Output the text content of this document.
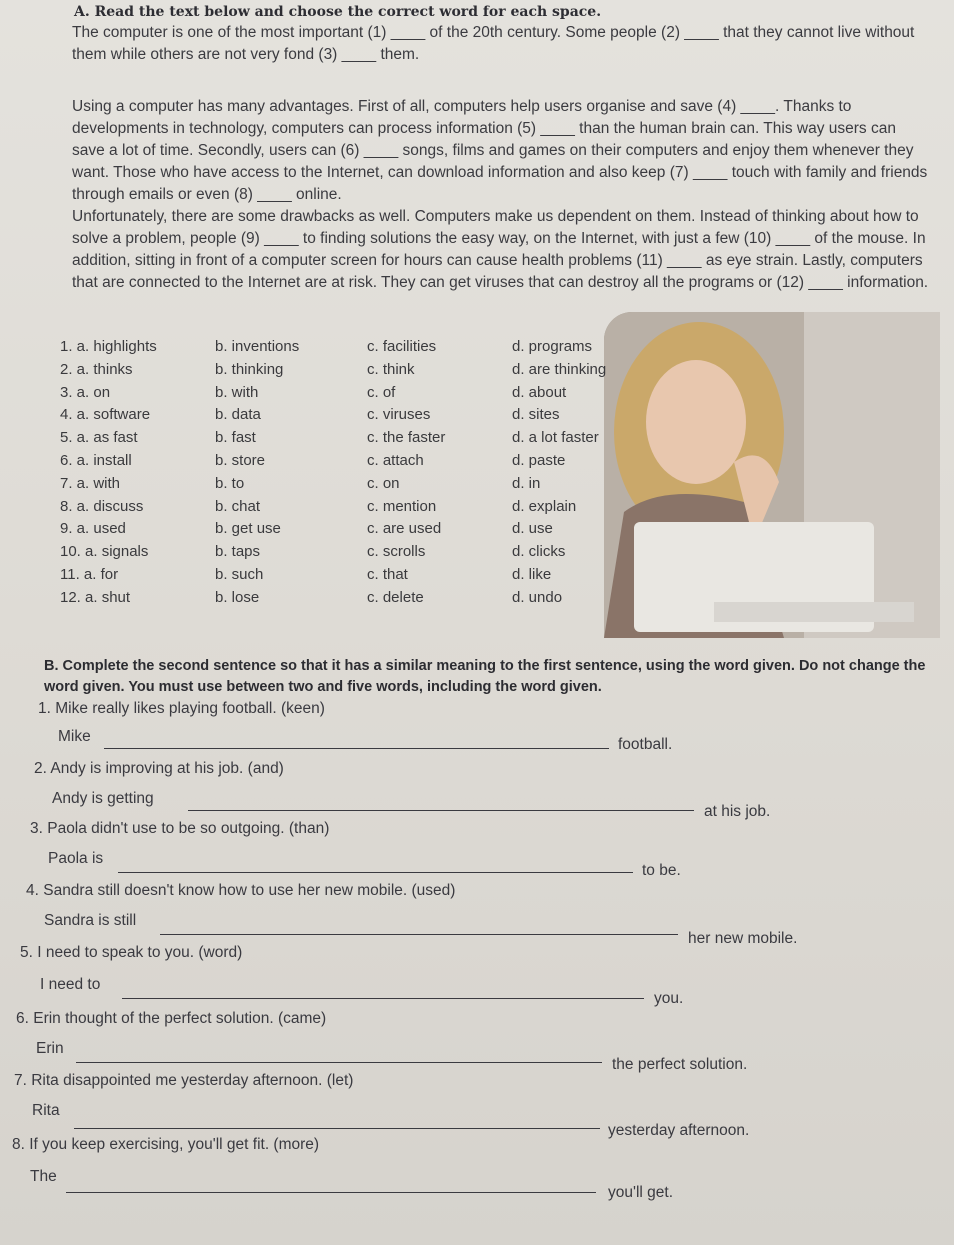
A. Read the text below and choose the correct word for each space.
The computer is one of the most important (1) ____ of the 20th century. Some people (2) ____ that they cannot live without them while others are not very fond (3) ____ them.
Using a computer has many advantages. First of all, computers help users organise and save (4) ____. Thanks to developments in technology, computers can process information (5) ____ than the human brain can. This way users can save a lot of time. Secondly, users can (6) ____ songs, films and games on their computers and enjoy them whenever they want. Those who have access to the Internet, can download information and also keep (7) ____ touch with family and friends through emails or even (8) ____ online.
Unfortunately, there are some drawbacks as well. Computers make us dependent on them. Instead of thinking about how to solve a problem, people (9) ____ to finding solutions the easy way, on the Internet, with just a few (10) ____ of the mouse. In addition, sitting in front of a computer screen for hours can cause health problems (11) ____ as eye strain. Lastly, computers that are connected to the Internet are at risk. They can get viruses that can destroy all the programs or (12) ____ information.
1. a. highlights	b. inventions	c. facilities	d. programs
2. a. thinks	b. thinking	c. think	d. are thinking
3. a. on	b. with	c. of	d. about
4. a. software	b. data	c. viruses	d. sites
5. a. as fast	b. fast	c. the faster	d. a lot faster
6. a. install	b. store	c. attach	d. paste
7. a. with	b. to	c. on	d. in
8. a. discuss	b. chat	c. mention	d. explain
9. a. used	b. get use	c. are used	d. use
10. a. signals	b. taps	c. scrolls	d. clicks
11. a. for	b. such	c. that	d. like
12. a. shut	b. lose	c. delete	d. undo
B. Complete the second sentence so that it has a similar meaning to the first sentence, using the word given. Do not change the word given. You must use between two and five words, including the word given.
1. Mike really likes playing football. (keen)
Mike	football.
2. Andy is improving at his job. (and)
Andy is getting
at his job.
3. Paola didn't use to be so outgoing. (than)
Paola is
to be.
4. Sandra still doesn't know how to use her new mobile. (used)
Sandra is still
her new mobile.
5. I need to speak to you. (word)
I need to
you.
6. Erin thought of the perfect solution. (came)
Erin
the perfect solution.
7. Rita disappointed me yesterday afternoon. (let)
Rita
yesterday afternoon.
8. If you keep exercising, you'll get fit. (more)
The
you'll get.
